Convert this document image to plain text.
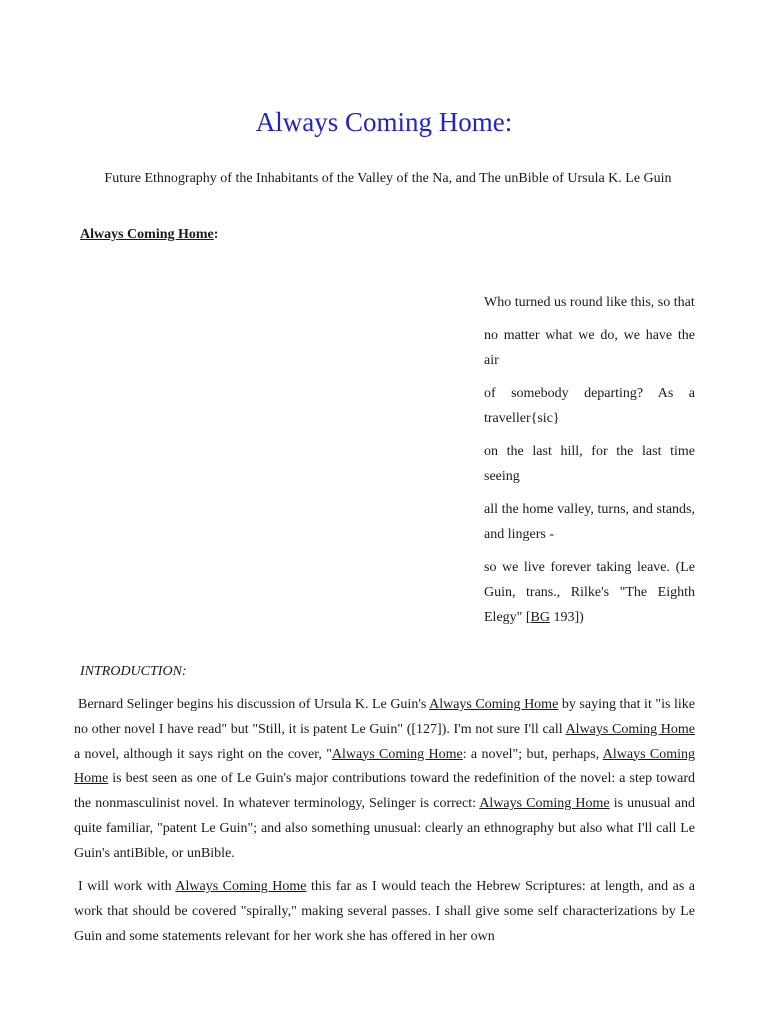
Always Coming Home:

Future Ethnography of the Inhabitants of the Valley of the Na, and The unBible of Ursula K. Le Guin

Always Coming Home:

Who turned us round like this, so that

no matter what we do, we have the air

of somebody departing? As a traveller{sic}

on the last hill, for the last time seeing

all the home valley, turns, and stands, and lingers -

so we live forever taking leave. (Le Guin, trans., Rilke's "The Eighth Elegy" [BG 193])

INTRODUCTION:

Bernard Selinger begins his discussion of Ursula K. Le Guin's Always Coming Home by saying that it "is like no other novel I have read" but "Still, it is patent Le Guin" ([127]). I'm not sure I'll call Always Coming Home a novel, although it says right on the cover, "Always Coming Home: a novel"; but, perhaps, Always Coming Home is best seen as one of Le Guin's major contributions toward the redefinition of the novel: a step toward the nonmasculinist novel. In whatever terminology, Selinger is correct: Always Coming Home is unusual and quite familiar, "patent Le Guin"; and also something unusual: clearly an ethnography but also what I'll call Le Guin's antiBible, or unBible.

I will work with Always Coming Home this far as I would teach the Hebrew Scriptures: at length, and as a work that should be covered "spirally," making several passes. I shall give some self characterizations by Le Guin and some statements relevant for her work she has offered in her own
